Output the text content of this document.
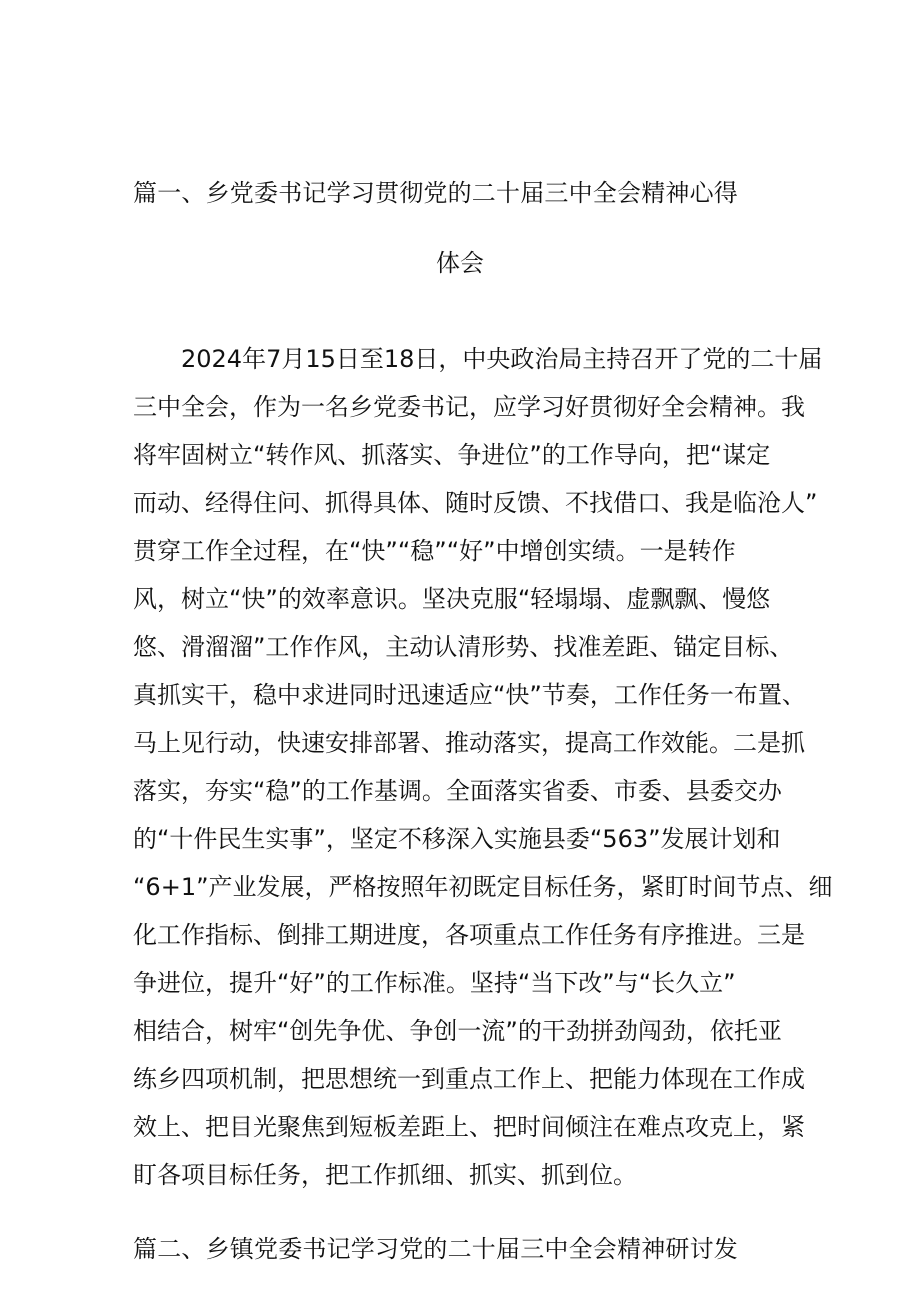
篇一、乡党委书记学习贯彻党的二十届三中全会精神心得
体会
2024年7月15日至18日，中央政治局主持召开了党的二十届
三中全会，作为一名乡党委书记，应学习好贯彻好全会精神。我
将牢固树立“转作风、抓落实、争进位”的工作导向，把“谋定
而动、经得住问、抓得具体、随时反馈、不找借口、我是临沧人”
贯穿工作全过程，在“快”“稳”“好”中增创实绩。一是转作
风，树立“快”的效率意识。坚决克服“轻塌塌、虚飘飘、慢悠
悠、滑溜溜”工作作风，主动认清形势、找准差距、锚定目标、
真抓实干，稳中求进同时迅速适应“快”节奏，工作任务一布置、
马上见行动，快速安排部署、推动落实，提高工作效能。二是抓
落实，夯实“稳”的工作基调。全面落实省委、市委、县委交办
的“十件民生实事”，坚定不移深入实施县委“563”发展计划和
“6+1”产业发展，严格按照年初既定目标任务，紧盯时间节点、细
化工作指标、倒排工期进度，各项重点工作任务有序推进。三是
争进位，提升“好”的工作标准。坚持“当下改”与“长久立”
相结合，树牢“创先争优、争创一流”的干劲拼劲闯劲，依托亚
练乡四项机制，把思想统一到重点工作上、把能力体现在工作成
效上、把目光聚焦到短板差距上、把时间倾注在难点攻克上，紧
盯各项目标任务，把工作抓细、抓实、抓到位。
篇二、乡镇党委书记学习党的二十届三中全会精神研讨发
